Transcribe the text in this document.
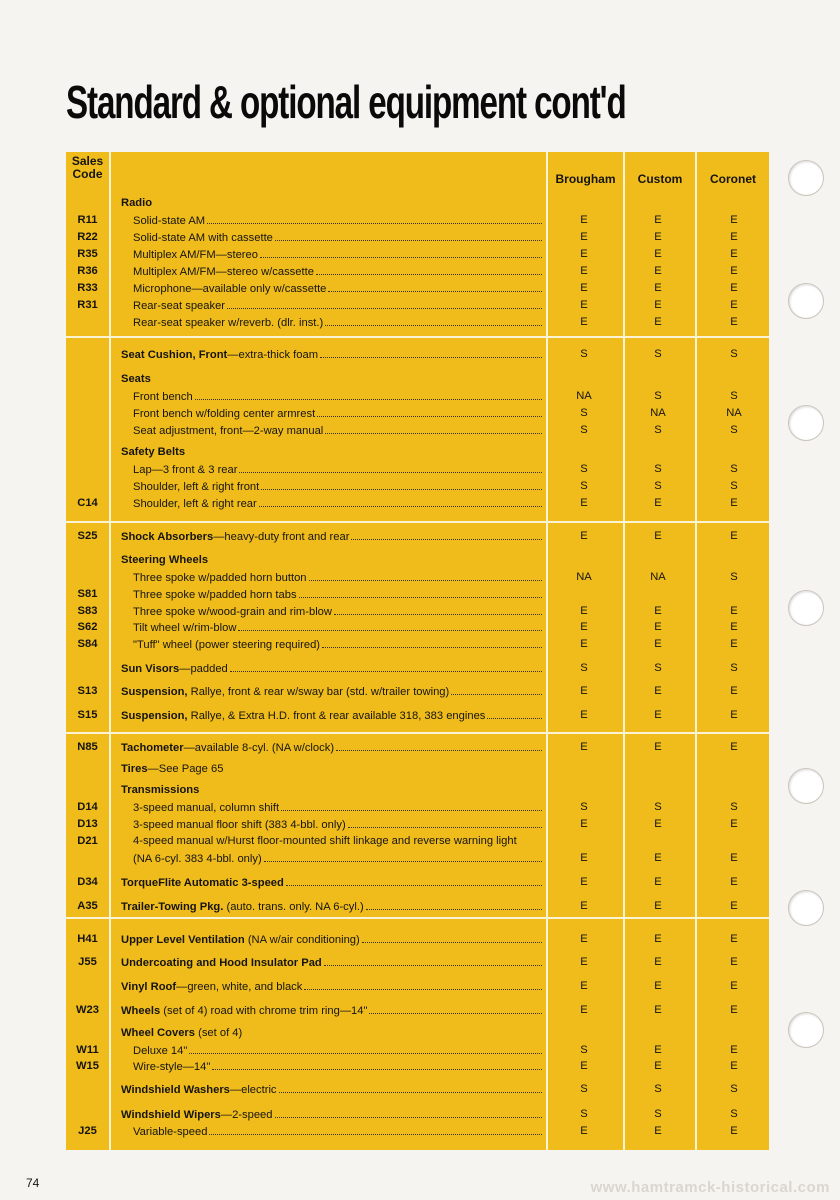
Standard & optional equipment cont'd
Sales Code	Brougham Custom Coronet
Radio
R11	Solid-state AM	E	E	E
R22	Solid-state AM with cassette	E	E	E
R35	Multiplex AM/FM—stereo	E	E	E
R36	Multiplex AM/FM—stereo w/cassette	E	E	E
R33	Microphone—available only w/cassette	E	E	E
R31	Rear-seat speaker	E	E	E
Rear-seat speaker w/reverb. (dlr. inst.)	E	E	E
Seat Cushion, Front—extra-thick foam	S	S	S
Seats
Front bench	NA	S	S
Front bench w/folding center armrest	S	NA	NA
Seat adjustment, front—2-way manual	S	S	S
Safety Belts
Lap—3 front & 3 rear	S	S	S
Shoulder, left & right front	S	S	S
C14	Shoulder, left & right rear	E	E	E
S25	Shock Absorbers—heavy-duty front and rear	E	E	E
Steering Wheels
Three spoke w/padded horn button	NA	NA	S
S81	Three spoke w/padded horn tabs
S83	Three spoke w/wood-grain and rim-blow	E	E	E
S62	Tilt wheel w/rim-blow	E	E	E
S84	"Tuff" wheel (power steering required)	E	E	E
Sun Visors—padded	S	S	S
S13	Suspension, Rallye, front & rear w/sway bar (std. w/trailer towing)	E	E	E
S15	Suspension, Rallye, & Extra H.D. front & rear available 318, 383 engines	E	E	E
N85	Tachometer—available 8-cyl. (NA w/clock)	E	E	E
Tires—See Page 65
Transmissions
D14	3-speed manual, column shift	S	S	S
D13	3-speed manual floor shift (383 4-bbl. only)	E	E	E
D21	4-speed manual w/Hurst floor-mounted shift linkage and reverse warning light
(NA 6-cyl. 383 4-bbl. only)	E	E	E
D34	TorqueFlite Automatic 3-speed	E	E	E
A35	Trailer-Towing Pkg. (auto. trans. only. NA 6-cyl.)	E	E	E
H41	Upper Level Ventilation (NA w/air conditioning)	E	E	E
J55	Undercoating and Hood Insulator Pad	E	E	E
Vinyl Roof—green, white, and black	E	E	E
W23	Wheels (set of 4) road with chrome trim ring—14"	E	E	E
Wheel Covers (set of 4)
W11	Deluxe 14"	S	E	E
W15	Wire-style—14"	E	E	E
Windshield Washers—electric	S	S	S
Windshield Wipers—2-speed	S	S	S
J25	Variable-speed	E	E	E
74	www.hamtramck-historical.com
